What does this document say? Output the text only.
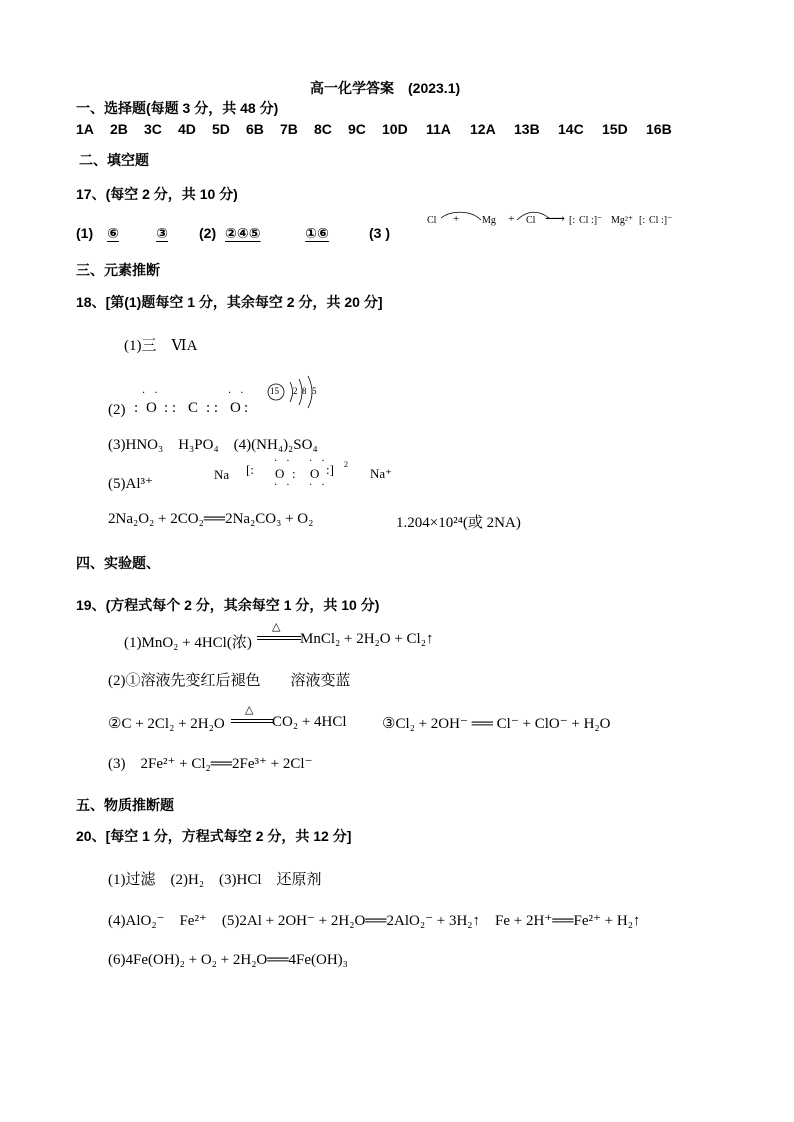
高一化学答案　(2023.1)
一、选择题(每题 3 分，共 48 分)
1A 2B 3C 4D 5D 6B 7B 8C 9C 10D 11A 12A 13B 14C 15D 16B
二、填空题
17、(每空 2 分，共 10 分)
(1) ⑥	③	(2) ②④⑤	①⑥	(3 )
Cl + Mg + Cl ⟶ [: Cl :]⁻ Mg²⁺ [: Cl :]⁻
三、元素推断
18、[第(1)题每空 1 分，其余每空 2 分，共 20 分]
(1)三　ⅥA
(2)
· ·
: O : : C : :
· ·
O :
15 2 8 5
(3)HNO₃　H₃PO₄　(4)(NH₄)₂SO₄
(5)Al³⁺
Na [:
· ·
O :
· ·
O :] 2
Na⁺
· · · ·
2Na₂O₂ + 2CO₂══2Na₂CO₃ + O₂	1.204×10²⁴(或 2NA)
四、实验题、
19、(方程式每个 2 分，其余每空 1 分，共 10 分)
(1)MnO₂ + 4HCl(浓)
△
MnCl₂ + 2H₂O + Cl₂↑
(2)①溶液先变红后褪色　　溶液变蓝
②C + 2Cl₂ + 2H₂O
△
CO₂ + 4HCl ③Cl₂ + 2OH⁻ ══ Cl⁻ + ClO⁻ + H₂O
(3)　2Fe²⁺ + Cl₂══2Fe³⁺ + 2Cl⁻
五、物质推断题
20、[每空 1 分，方程式每空 2 分，共 12 分]
(1)过滤　(2)H₂　(3)HCl　还原剂
(4)AlO₂⁻　Fe²⁺　(5)2Al + 2OH⁻ + 2H₂O══2AlO₂⁻ + 3H₂↑　Fe + 2H⁺══Fe²⁺ + H₂↑
(6)4Fe(OH)₂ + O₂ + 2H₂O══4Fe(OH)₃
